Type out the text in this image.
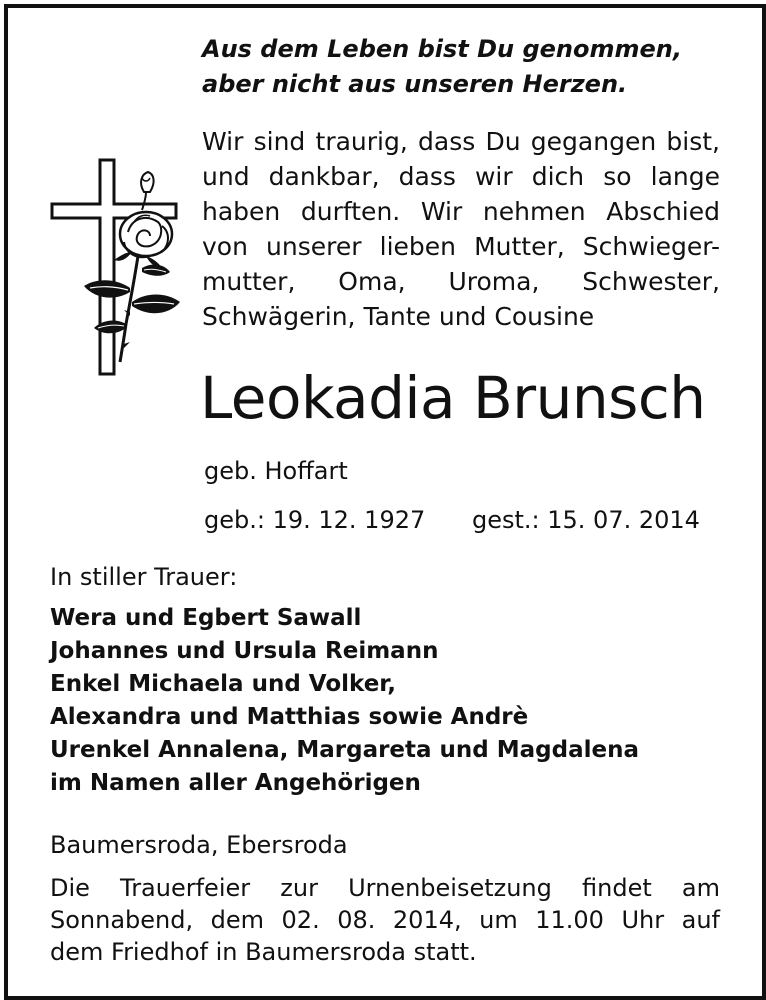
Aus dem Leben bist Du genommen,
aber nicht aus unseren Herzen.
Wir sind traurig, dass Du gegangen bist,
und dankbar, dass wir dich so lange
haben durften. Wir nehmen Abschied
von unserer lieben Mutter, Schwieger-
mutter, Oma, Uroma, Schwester,
Schwägerin, Tante und Cousine
Leokadia Brunsch
geb. Hoffart
geb.: 19. 12. 1927 gest.: 15. 07. 2014
In stiller Trauer:
Wera und Egbert Sawall
Johannes und Ursula Reimann
Enkel Michaela und Volker,
Alexandra und Matthias sowie Andrè
Urenkel Annalena, Margareta und Magdalena
im Namen aller Angehörigen
Baumersroda, Ebersroda
Die Trauerfeier zur Urnenbeisetzung findet am
Sonnabend, dem 02. 08. 2014, um 11.00 Uhr auf
dem Friedhof in Baumersroda statt.
